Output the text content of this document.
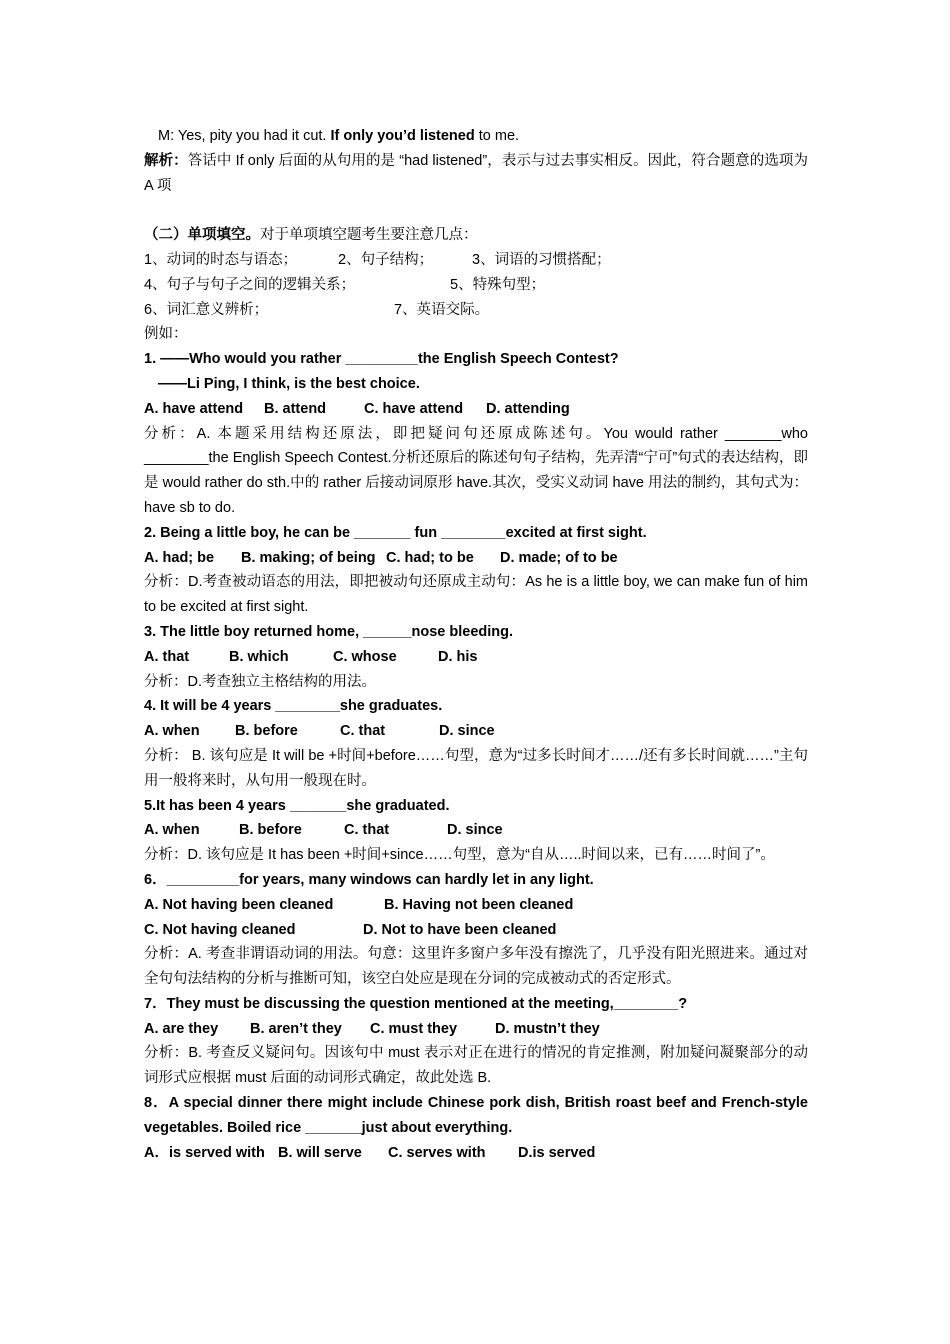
M: Yes, pity you had it cut. If only you’d listened to me.

解析：答话中 If only 后面的从句用的是 “had listened”，表示与过去事实相反。因此，符合题意的选项为 A 项

（二）单项填空。对于单项填空题考生要注意几点：

1、动词的时态与语态；	2、句子结构；	3、词语的习惯搭配；
4、句子与句子之间的逻辑关系；	5、特殊句型；
6、词汇意义辨析；	7、英语交际。

例如：

1. ——Who would you rather _________the English Speech Contest?

——Li Ping, I think, is the best choice.

A. have attend	B. attend	C. have attend	D. attending

分析：A. 本题采用结构还原法，即把疑问句还原成陈述句。You would rather _______who ________the English Speech Contest.分析还原后的陈述句句子结构，先弄清“宁可”句式的表达结构，即是 would rather do sth.中的 rather 后接动词原形 have.其次，受实义动词 have 用法的制约，其句式为：have sb to do.

2. Being a little boy, he can be _______ fun ________excited at first sight.

A. had; be	B. making; of being C. had; to be	D. made; of to be

分析：D.考查被动语态的用法，即把被动句还原成主动句：As he is a little boy, we can make fun of him to be excited at first sight.

3. The little boy returned home, ______nose bleeding.

A. that	B. which	C. whose	D. his

分析：D.考查独立主格结构的用法。

4. It will be 4 years ________she graduates.

A. when	B. before	C. that	D. since

分析： B. 该句应是 It will be +时间+before……句型，意为“过多长时间才……/还有多长时间就……”主句用一般将来时，从句用一般现在时。

5.It has been 4 years _______she graduated.

A. when	B. before	C. that	D. since

分析：D. 该句应是 It has been +时间+since……句型，意为“自从…..时间以来，已有……时间了”。

6．_________for years, many windows can hardly let in any light.

A. Not having been cleaned	B. Having not been cleaned
C. Not having cleaned	D. Not to have been cleaned

分析：A. 考查非谓语动词的用法。句意：这里许多窗户多年没有擦洗了，几乎没有阳光照进来。通过对全句句法结构的分析与推断可知，该空白处应是现在分词的完成被动式的否定形式。

7．They must be discussing the question mentioned at the meeting,________?

A. are they	B. aren’t they	C. must they	D. mustn’t they

分析：B. 考查反义疑问句。因该句中 must 表示对正在进行的情况的肯定推测，附加疑问凝聚部分的动词形式应根据 must 后面的动词形式确定，故此处选 B.

8．A special dinner there might include Chinese pork dish, British roast beef and French-style vegetables. Boiled rice _______just about everything.

A．is served with B. will serve	C. serves with	D.is served
